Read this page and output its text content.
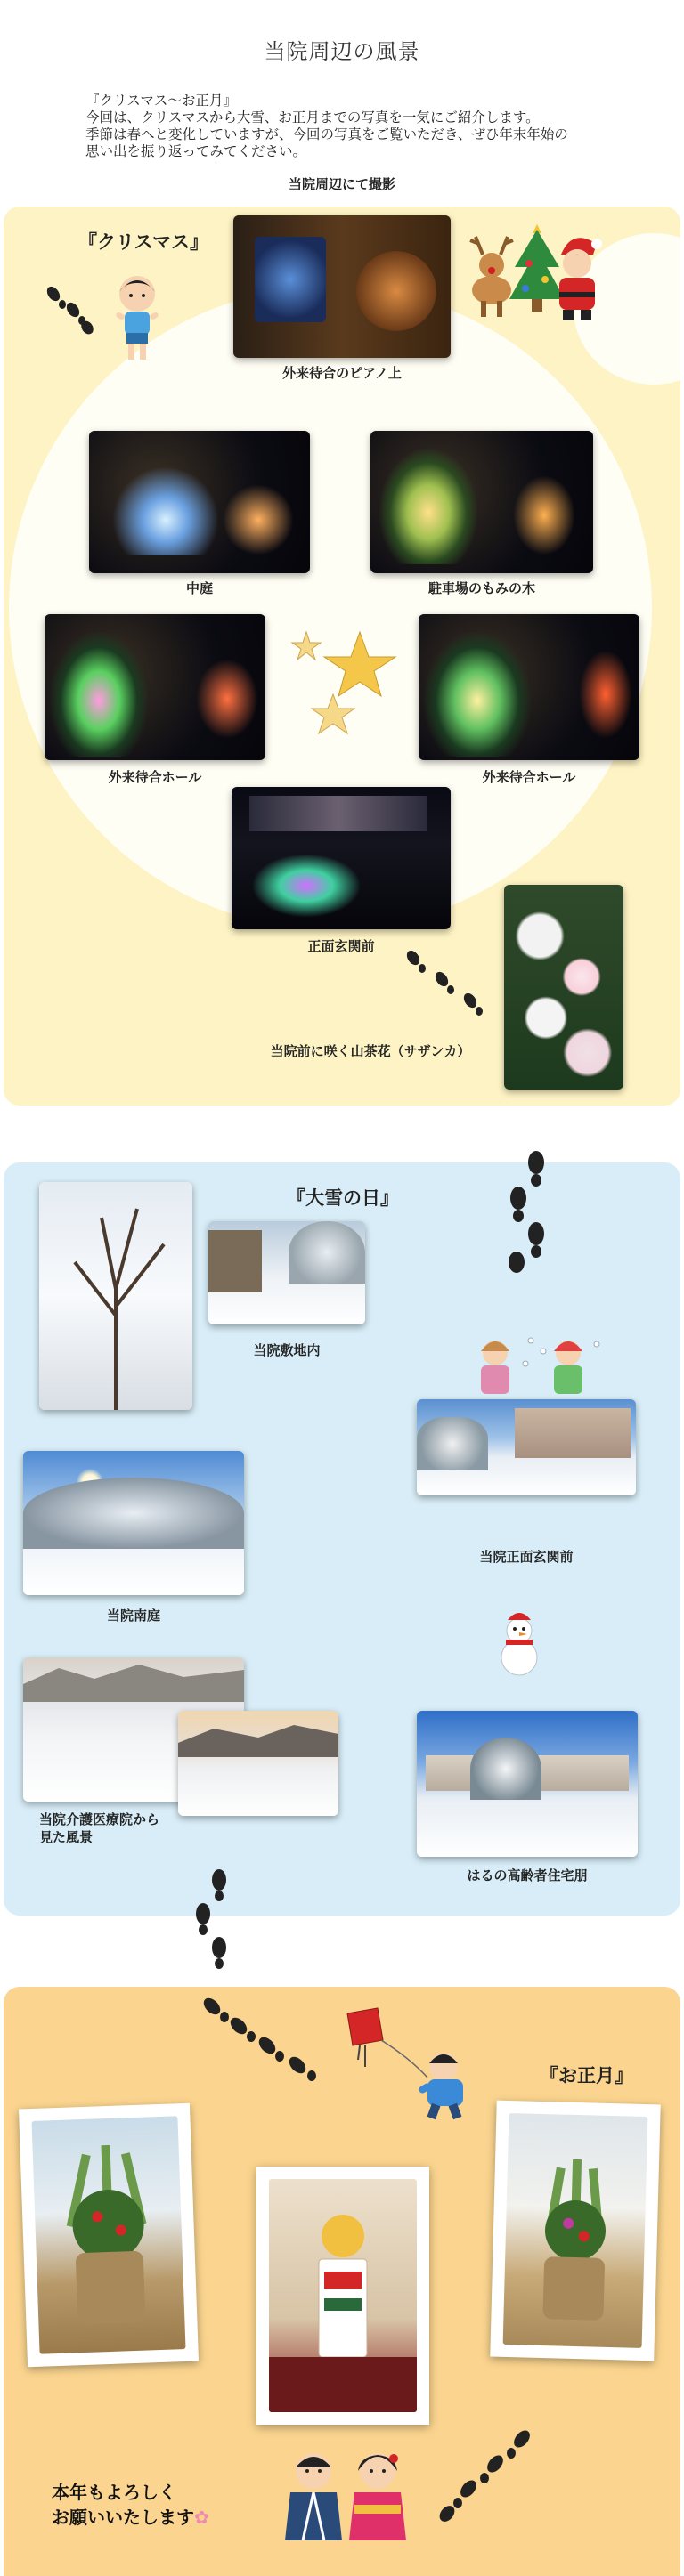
当院周辺の風景
『クリスマス～お正月』
今回は、クリスマスから大雪、お正月までの写真を一気にご紹介します。
季節は春へと変化していますが、今回の写真をご覧いただき、ぜひ年末年始の
思い出を振り返ってみてください。
当院周辺にて撮影
『クリスマス』
外来待合のピアノ上
中庭	駐車場のもみの木
外来待合ホール	外来待合ホール
正面玄関前
当院前に咲く山茶花（サザンカ）
『大雪の日』
当院敷地内
当院正面玄関前
当院南庭
当院介護医療院から
見た風景
はるの高齢者住宅朋
『お正月』
本年もよろしく
お願いいたします✿
